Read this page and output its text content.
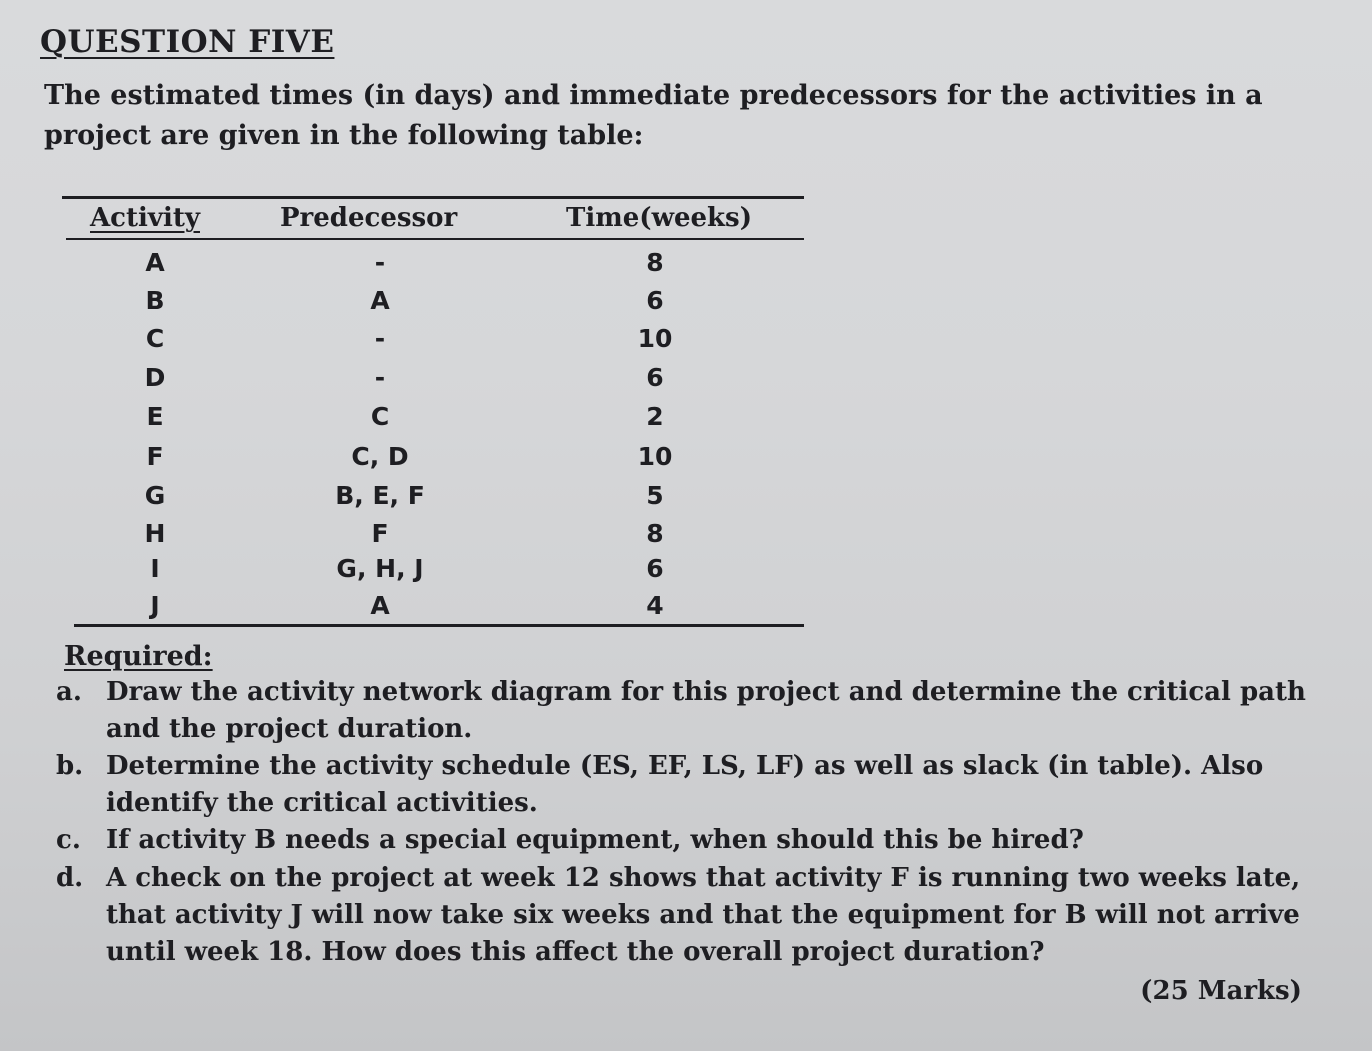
QUESTION FIVE
The estimated times (in days) and immediate predecessors for the activities in a project are given in the following table:
Activity	Predecessor	Time(weeks)
A	-	8
B	A	6
C	-	10
D	-	6
E	C	2
F	C, D	10
G	B, E, F	5
H	F	8
I	G, H, J	6
J	A	4
Required:
a. Draw the activity network diagram for this project and determine the critical path and the project duration.
b. Determine the activity schedule (ES, EF, LS, LF) as well as slack (in table). Also identify the critical activities.
c. If activity B needs a special equipment, when should this be hired?
d. A check on the project at week 12 shows that activity F is running two weeks late, that activity J will now take six weeks and that the equipment for B will not arrive until week 18. How does this affect the overall project duration?
(25 Marks)
